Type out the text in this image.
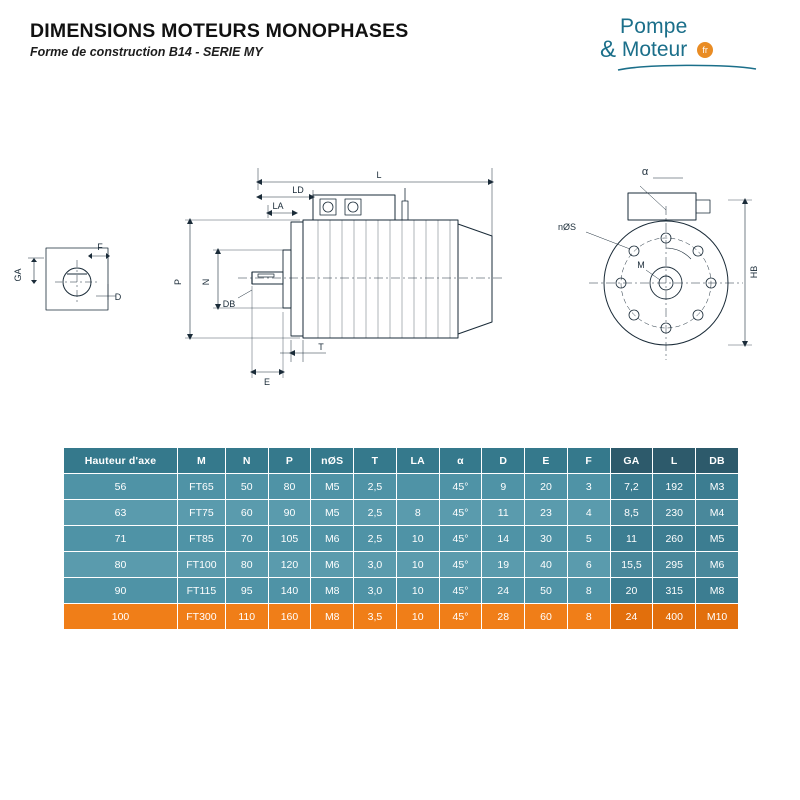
DIMENSIONS MOTEURS MONOPHASES
Forme de construction B14 - SERIE MY
Pompe
& Moteur fr
GA
F
D
L
LD
LA
P N
DB
T
E
α
nØS
M
HB
Hauteur d'axe	M	N	P	nØS	T	LA	α	D	E	F	GA	L	DB
56	FT65	50	80	M5	2,5		45°	9	20	3	7,2	192	M3
63	FT75	60	90	M5	2,5	8	45°	11	23	4	8,5	230	M4
71	FT85	70	105	M6	2,5	10	45°	14	30	5	11	260	M5
80	FT100	80	120	M6	3,0	10	45°	19	40	6	15,5	295	M6
90	FT115	95	140	M8	3,0	10	45°	24	50	8	20	315	M8
100	FT300	110	160	M8	3,5	10	45°	28	60	8	24	400	M10
